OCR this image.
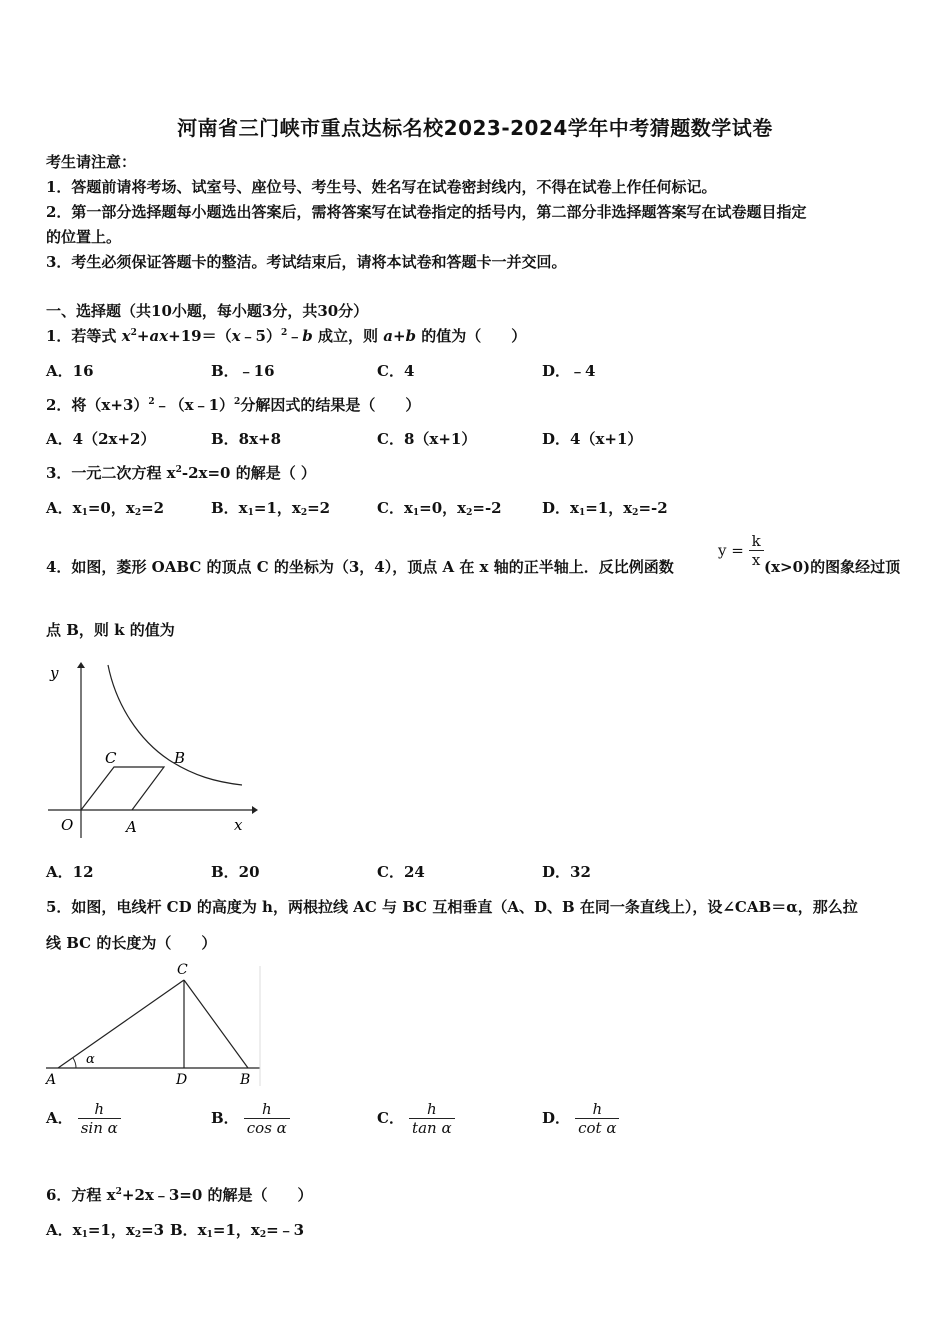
河南省三门峡市重点达标名校2023-2024学年中考猜题数学试卷
考生请注意：
1．答题前请将考场、试室号、座位号、考生号、姓名写在试卷密封线内，不得在试卷上作任何标记。
2．第一部分选择题每小题选出答案后，需将答案写在试卷指定的括号内，第二部分非选择题答案写在试卷题目指定
的位置上。
3．考生必须保证答题卡的整洁。考试结束后，请将本试卷和答题卡一并交回。
一、选择题（共10小题，每小题3分，共30分）
1．若等式 $x^2+ax+19=(x﹣5)^2﹣b$ 成立，则 a+b 的值为（　　）
A．16	B．﹣16	C．4	D．﹣4
2．将$(x+3)^2﹣(x﹣1)^2$分解因式的结果是（　　）
A．4（2x+2）	B．8x+8	C．8（x+1）	D．4（x+1）
3．一元二次方程 $x^2-2x=0$ 的解是（ ）
A．$x_1=0$，$x_2=2$	B．$x_1=1$，$x_2=2$	C．$x_1=0$，$x_2=-2$	D．$x_1=1$，$x_2=-2$
4．如图，菱形 OABC 的顶点 C 的坐标为（3，4），顶点 A 在 x 轴的正半轴上．反比例函数
$y = \frac{k}{x} (x>0)$的图象经过顶
点 B，则 k 的值为
y
C	B
O	A	x
A．12	B．20	C．24	D．32
5．如图，电线杆 CD 的高度为 h，两根拉线 AC 与 BC 互相垂直（A、D、B 在同一条直线上），设∠CAB＝α，那么拉
线 BC 的长度为（　　）
α
C
A	D	B
A． $\frac{h}{\text{sin α}}$	B． $\frac{h}{\text{cos α}}$	C． $\frac{h}{\text{tan α}}$	D． $\frac{h}{\text{cot α}}$
6．方程 $x^2+2x﹣3=0$ 的解是（　　）
A．$x_1=1$，$x_2=3$ B．$x_1=1$，$x_2=﹣3$
